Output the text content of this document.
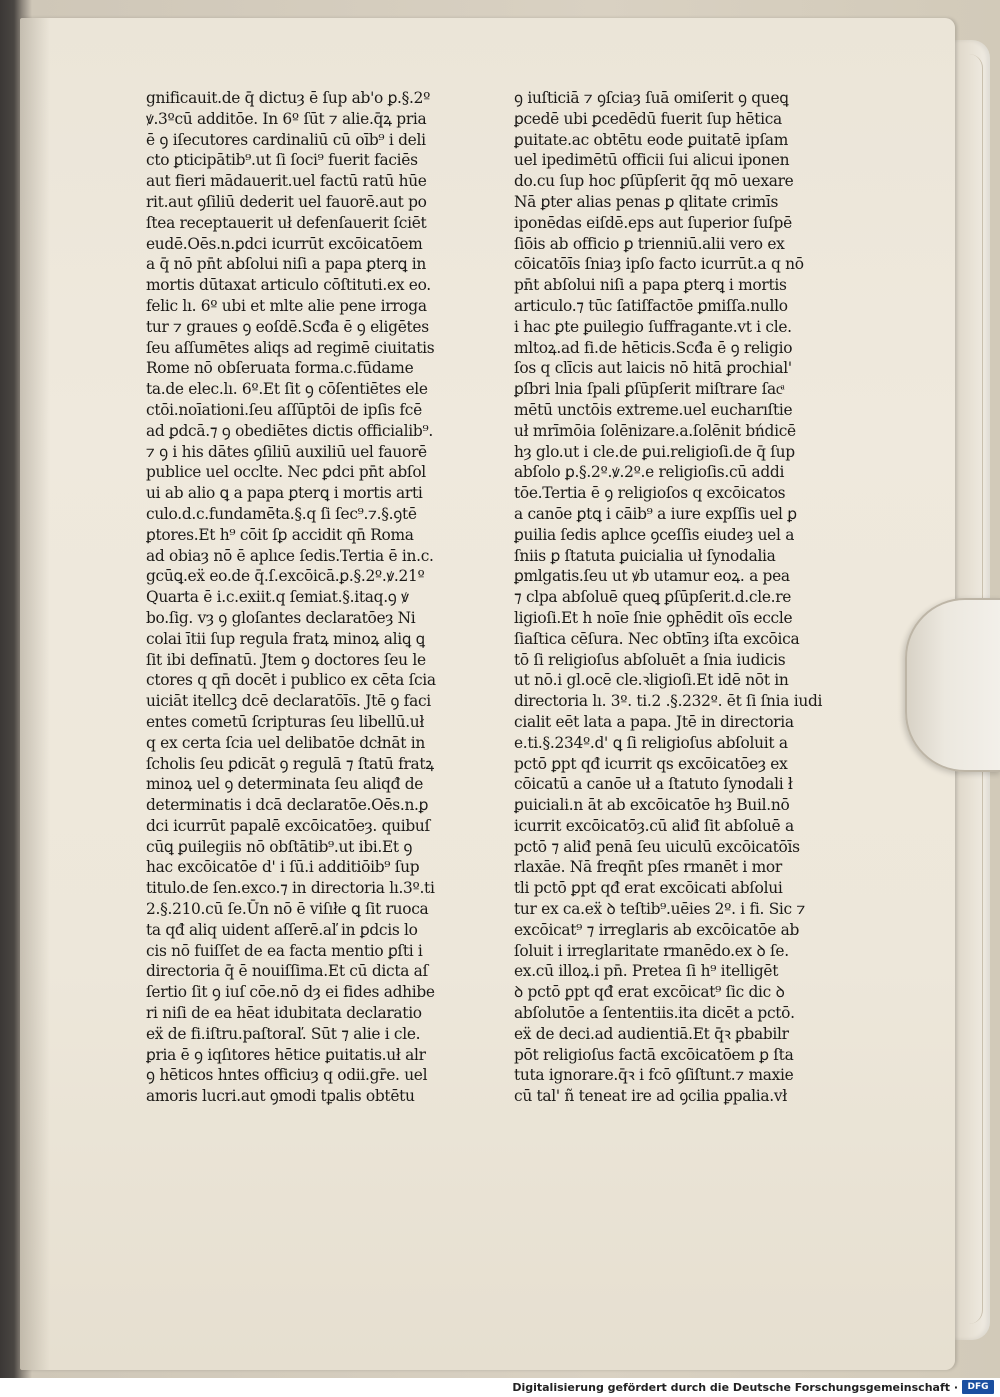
gnificauit.de q̄ dictuȝ ē ſup ab'o ꝑ.§.2º
ꝟ.3ºcū additōe. In 6º ſūt ⁊ alie.q̄ꝝ pria
ē ꝯ iſecutores cardinaliū cū oīb⁹ i deli
cto ꝑticipātib⁹.ut ſi ſoci⁹ fuerit faciēs
aut fieri mādauerit.uel factū ratū hūe
rit.aut ꝯſiliū dederit uel fauorē.aut po
ſtea receptauerit uł defenſauerit ſciēt
eudē.Oēs.n.ꝑdci icurrūt excōicatōem
a q̄ nō pn̄t abſolui niſi a papa ꝑterꝗ in
mortis dūtaxat articulo cōſtituti.ex eo.
felic lı. 6º ubi et mlte alie pene irroga
tur ⁊ graues ꝯ eoſdē.Scđa ē ꝯ eligētes
ſeu aſſumētes aliqs ad regimē ciuitatis
Rome nō obſeruata forma.c.fūdame
ta.de elec.lı. 6º.Et ſit ꝯ cōſentiētes ele
ctōi.noīationi.ſeu aſſūptōi de ipſis fcē
ad ꝑdcā.⁊ ꝯ obediētes dictis officialib⁹.
⁊ ꝯ i his dātes ꝯſiliū auxiliū uel fauorē
publice uel occlte. Nec ꝑdci pn̄t abſol
ui ab alio ꝗ a papa ꝑterꝗ i mortis arti
culo.d.c.fundamēta.§.q ſi ſec⁹.⁊.§.ꝯtē
ꝑtores.Et h⁹ cōit ſꝑ accidit qn̄ Roma
ad obiaȝ nō ē aplıce ſedis.Tertia ē in.c.
gcūꝗ.eẍ eo.de q̄.ſ.excōicā.ꝑ.§.2º.ꝟ.21º
Quarta ē i.c.exiit.q ſemiat.§.itaq.ꝯ ꝟ
bo.ſig. vȝ ꝯ gloſantes declaratōeȝ Ni
colai ītii ſup regula fratꝝ minoꝝ aliꝗ ꝗ
ſit ibi defīnatū. Jtem ꝯ doctores ſeu le
ctores q qn̄ docēt i publico ex cēta ſcia
uiciāt itellcꝫ dcē declaratōīs. Jtē ꝯ faci
entes cometū ſcripturas ſeu libellū.uł
q ex certa ſcia uel delibatōe dcłnāt in
ſcholis ſeu ꝑdicāt ꝯ regulā ⁊ ſtatū fratꝝ
minoꝝ uel ꝯ determinata ſeu aliqđ de
determinatis i dcā declaratōe.Oēs.n.ꝑ
dci icurrūt papalē excōicatōeȝ. quibuſ
cūꝗ ꝑuilegiis nō obſtātib⁹.ut ibi.Et ꝯ
hac excōicatōe d' i ſū.i additiōib⁹ ſup
titulo.de ſen.exco.⁊ in directoria lı.3º.ti
2.§.210.cū ſe.Ūn nō ē viſıłe ꝗ ſit ruoca
ta qđ aliq uident aſſerē.aľ in ꝑdcis lo
cis nō fuiſſet de ea facta mentio ꝑſti i
directoria q̄ ē nouiſſima.Et cū dicta aſ
ſertio ſit ꝯ iuſ cōe.nō dȝ ei fides adhibe
ri niſi de ea hēat idubitata declaratio
eẍ de fi.iſtru.paſtoraľ. Sūt ⁊ alie i cle.
ꝑria ē ꝯ iqſıtores hētice ꝑuitatis.uł alr
ꝯ hēticos hntes officiuȝ q odii.gr̄e. uel
amoris lucri.aut ꝯmodi tꝑalis obtētu
ꝯ iuſticiā ⁊ ꝯſciaȝ ſuā omiſerit ꝯ queꝗ
ꝑcedē ubi ꝑcedēdū fuerit ſup hētica
ꝑuitate.ac obtētu eode ꝑuitatē ipſam
uel ipedimētū officii ſui alicui iponen
do.cu ſup hoc ꝑſūpſerit q̄q mō uexare
Nā ꝑter alias penas ꝑ qlitate crimīs
iponēdas eiſdē.eps aut ſuperior ſuſpē
ſiōis ab officio ꝑ trienniū.alii vero ex
cōicatōīs ſniaȝ ipſo facto icurrūt.a q nō
pn̄t abſolui niſi a papa ꝑterꝗ i mortis
articulo.⁊ tūc ſatiſfactōe ꝑmiſſa.nullo
i hac ꝑte ꝑuilegio ſuffragante.vt i cle.
mltoꝝ.ad fi.de hēticis.Scđa ē ꝯ religio
ſos q clīcis aut laicis nō hitā ꝑrochial'
ꝑſbri lnia ſpali ꝑſūpſerit miſtrare ſacͣ
mētū unctōis extreme.uel eucharıſtie
uł mrīmōia ſolēnizare.a.ſolēnit bńdicē
hȝ glo.ut i cle.de ꝑui.religioſi.de q̄ ſup
abſolo ꝑ.§.2º.ꝟ.2º.e religioſis.cū addi
tōe.Tertia ē ꝯ religioſos q excōicatos
a canōe ꝑtꝗ i cāib⁹ a iure expſſis uel ꝑ
ꝑuilia ſedis aplıce ꝯceſſis eiudeȝ uel a
ſniis ꝑ ſtatuta ꝑuicialia uł ſynodalia
ꝑmlgatis.ſeu ut ꝟb utamur eoꝝ. a pea
⁊ clpa abſoluē queꝗ ꝑſūpſerit.d.cle.re
ligioſi.Et h noīe ſnie ꝯphēdit oīs eccle
ſiaſtica cēſura. Nec obtīnȝ iſta excōica
tō ſi religioſus abſoluēt a ſnia iudicis
ut nō.i gl.ocē cle.ꝛligioſi.Et idē nōt in
directoria lı. 3º. ti.2 .§.232º. ēt ſi ſnia iudi
cialit eēt lata a papa. Jtē in directoria
e.ti.§.234º.d' ꝗ ſi religioſus abſoluit a
pctō ꝑpt qđ icurrit qs excōicatōeȝ ex
cōicatū a canōe uł a ſtatuto ſynodali ł
ꝑuiciali.n āt ab excōicatōe hȝ Buil.nō
icurrit excōicatōȝ.cū aliđ ſit abſoluē a
pctō ⁊ aliđ penā ſeu uiculū excōicatōīs
rlaxāe. Nā freqn̄t pſes rmanēt i mor
tli pctō ꝑpt qđ erat excōicati abſolui
tur ex ca.eẍ ꝺ teſtib⁹.uēies 2º. i fi. Sic ⁊
excōicat⁹ ⁊ irreglaris ab excōicatōe ab
ſoluit i irreglaritate rmanēdo.ex ꝺ ſe.
ex.cū illoꝝ.i pn̄. Pretea ſi h⁹ itelligēt
ꝺ pctō ꝑpt qđ erat excōicat⁹ ſic dic ꝺ
abſolutōe a ſententiis.ita dicēt a pctō.
eẍ de deci.ad audientiā.Et q̄ꝛ ꝑbabilr
pōt religioſus factā excōicatōem ꝑ ſta
tuta ignorare.q̄ꝛ i fcō ꝯſiſtunt.⁊ maxie
cū tal' ñ teneat ire ad ꝯcilia ꝑpalia.vł
Digitalisierung gefördert durch die Deutsche Forschungsgemeinschaft ·	DFG
